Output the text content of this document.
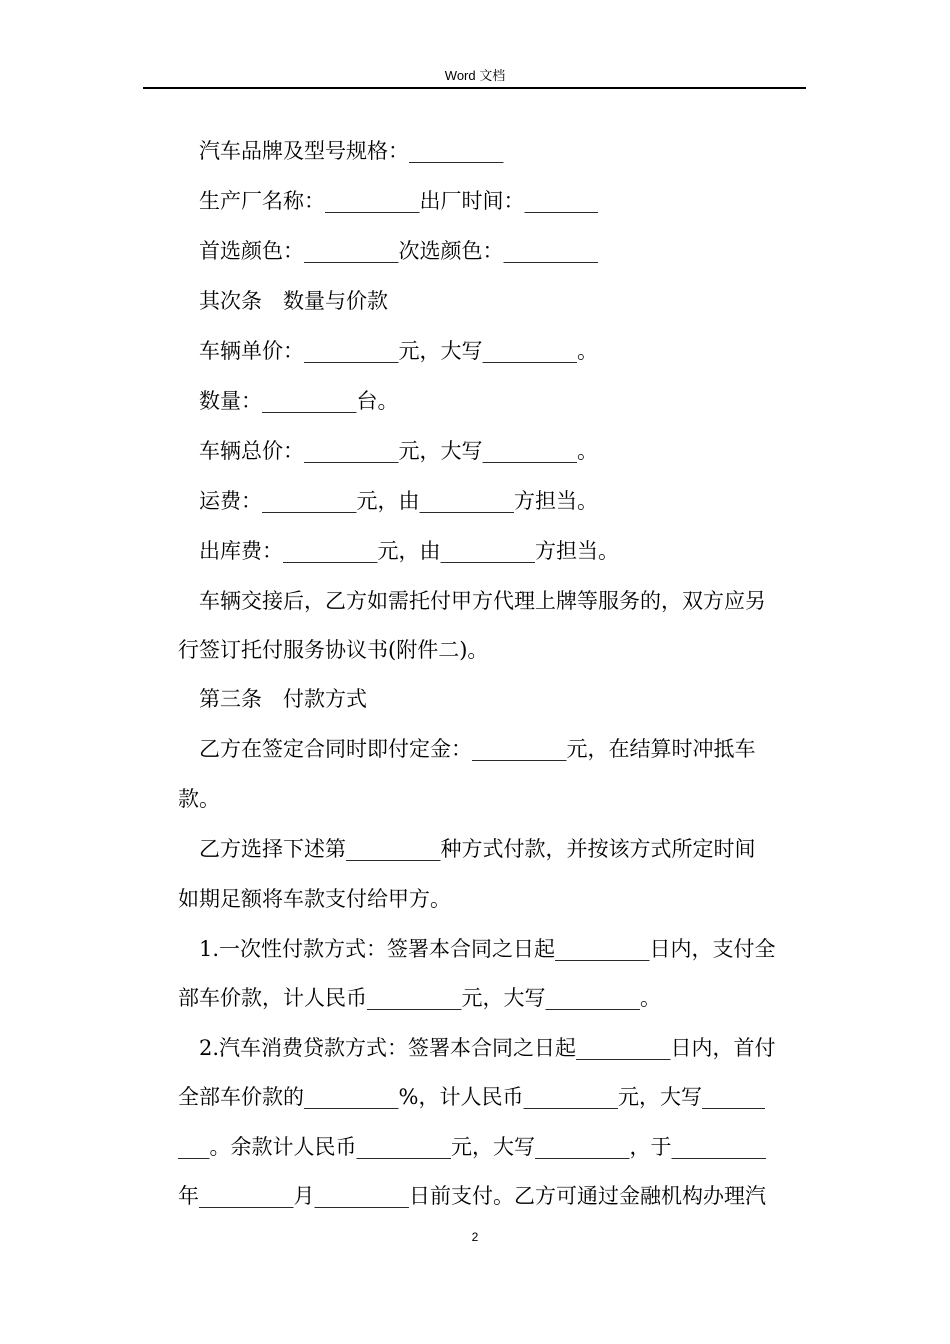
Word 文档
汽车品牌及型号规格：_________
生产厂名称：_________出厂时间：_______
首选颜色：_________次选颜色：_________
其次条　数量与价款
车辆单价：_________元，大写_________。
数量：_________台。
车辆总价：_________元，大写_________。
运费：_________元，由_________方担当。
出库费：_________元，由_________方担当。
车辆交接后，乙方如需托付甲方代理上牌等服务的，双方应另
行签订托付服务协议书(附件二)。
第三条　付款方式
乙方在签定合同时即付定金：_________元，在结算时冲抵车
款。
乙方选择下述第_________种方式付款，并按该方式所定时间
如期足额将车款支付给甲方。
1.一次性付款方式：签署本合同之日起_________日内，支付全
部车价款，计人民币_________元，大写_________。
2.汽车消费贷款方式：签署本合同之日起_________日内，首付
全部车价款的_________%，计人民币_________元，大写______
___。余款计人民币_________元，大写_________，于_________
年_________月_________日前支付。乙方可通过金融机构办理汽
2
